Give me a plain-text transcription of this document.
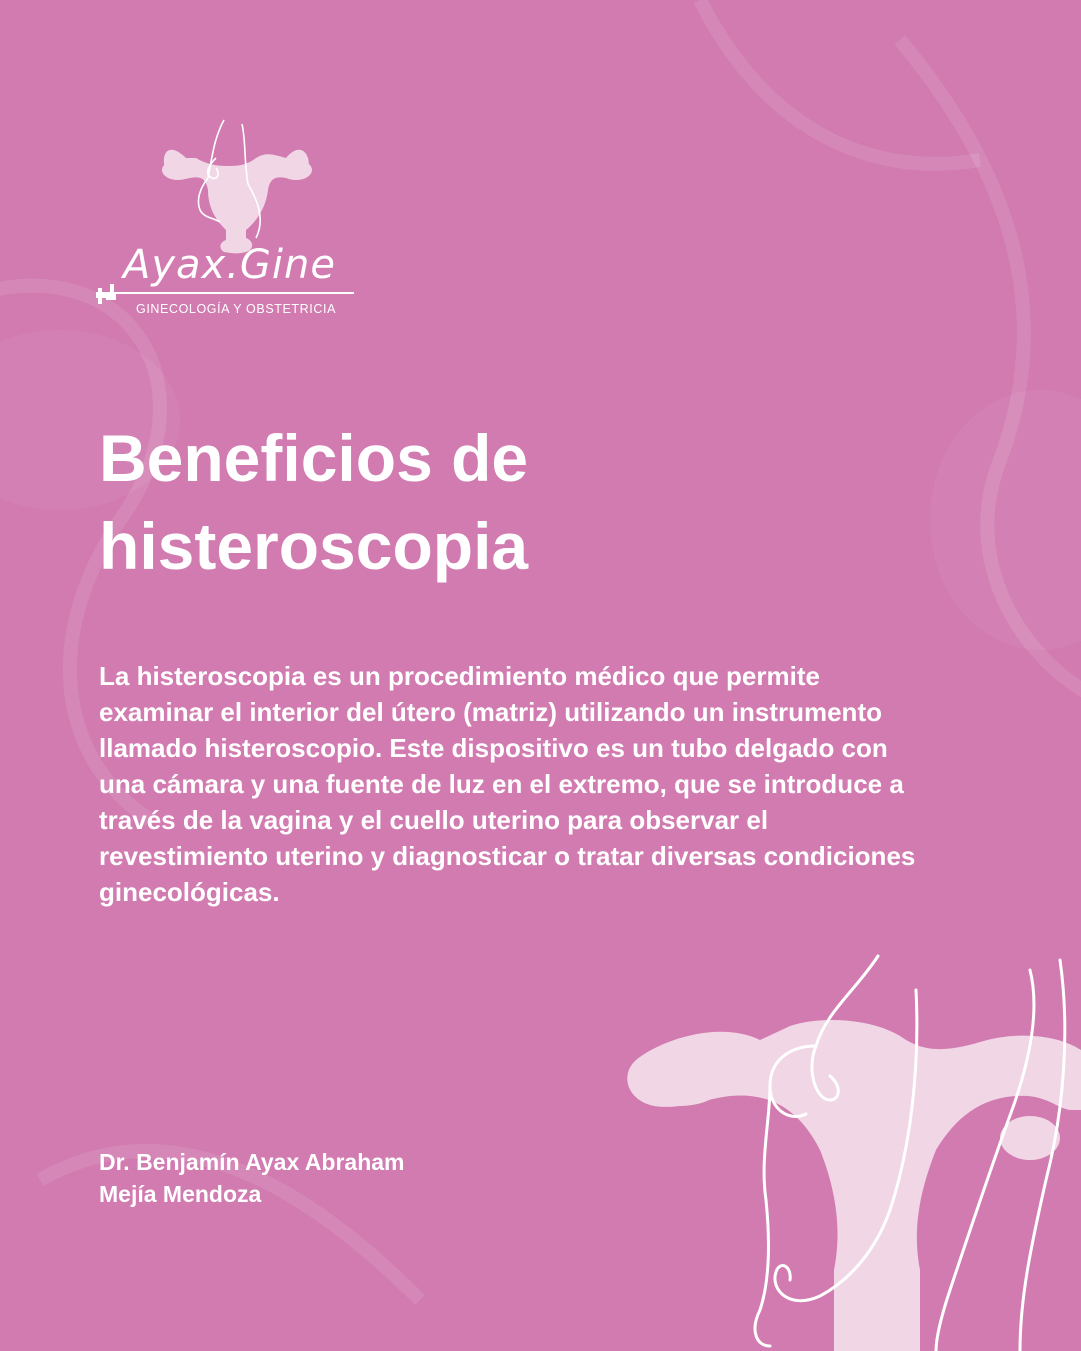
Ayax.Gine
GINECOLOGÍA Y OBSTETRICIA
Beneficios de histeroscopia

La histeroscopia es un procedimiento médico que permite examinar el interior del útero (matriz) utilizando un instrumento llamado histeroscopio. Este dispositivo es un tubo delgado con una cámara y una fuente de luz en el extremo, que se introduce a través de la vagina y el cuello uterino para observar el revestimiento uterino y diagnosticar o tratar diversas condiciones ginecológicas.

Dr. Benjamín Ayax Abraham
Mejía Mendoza
